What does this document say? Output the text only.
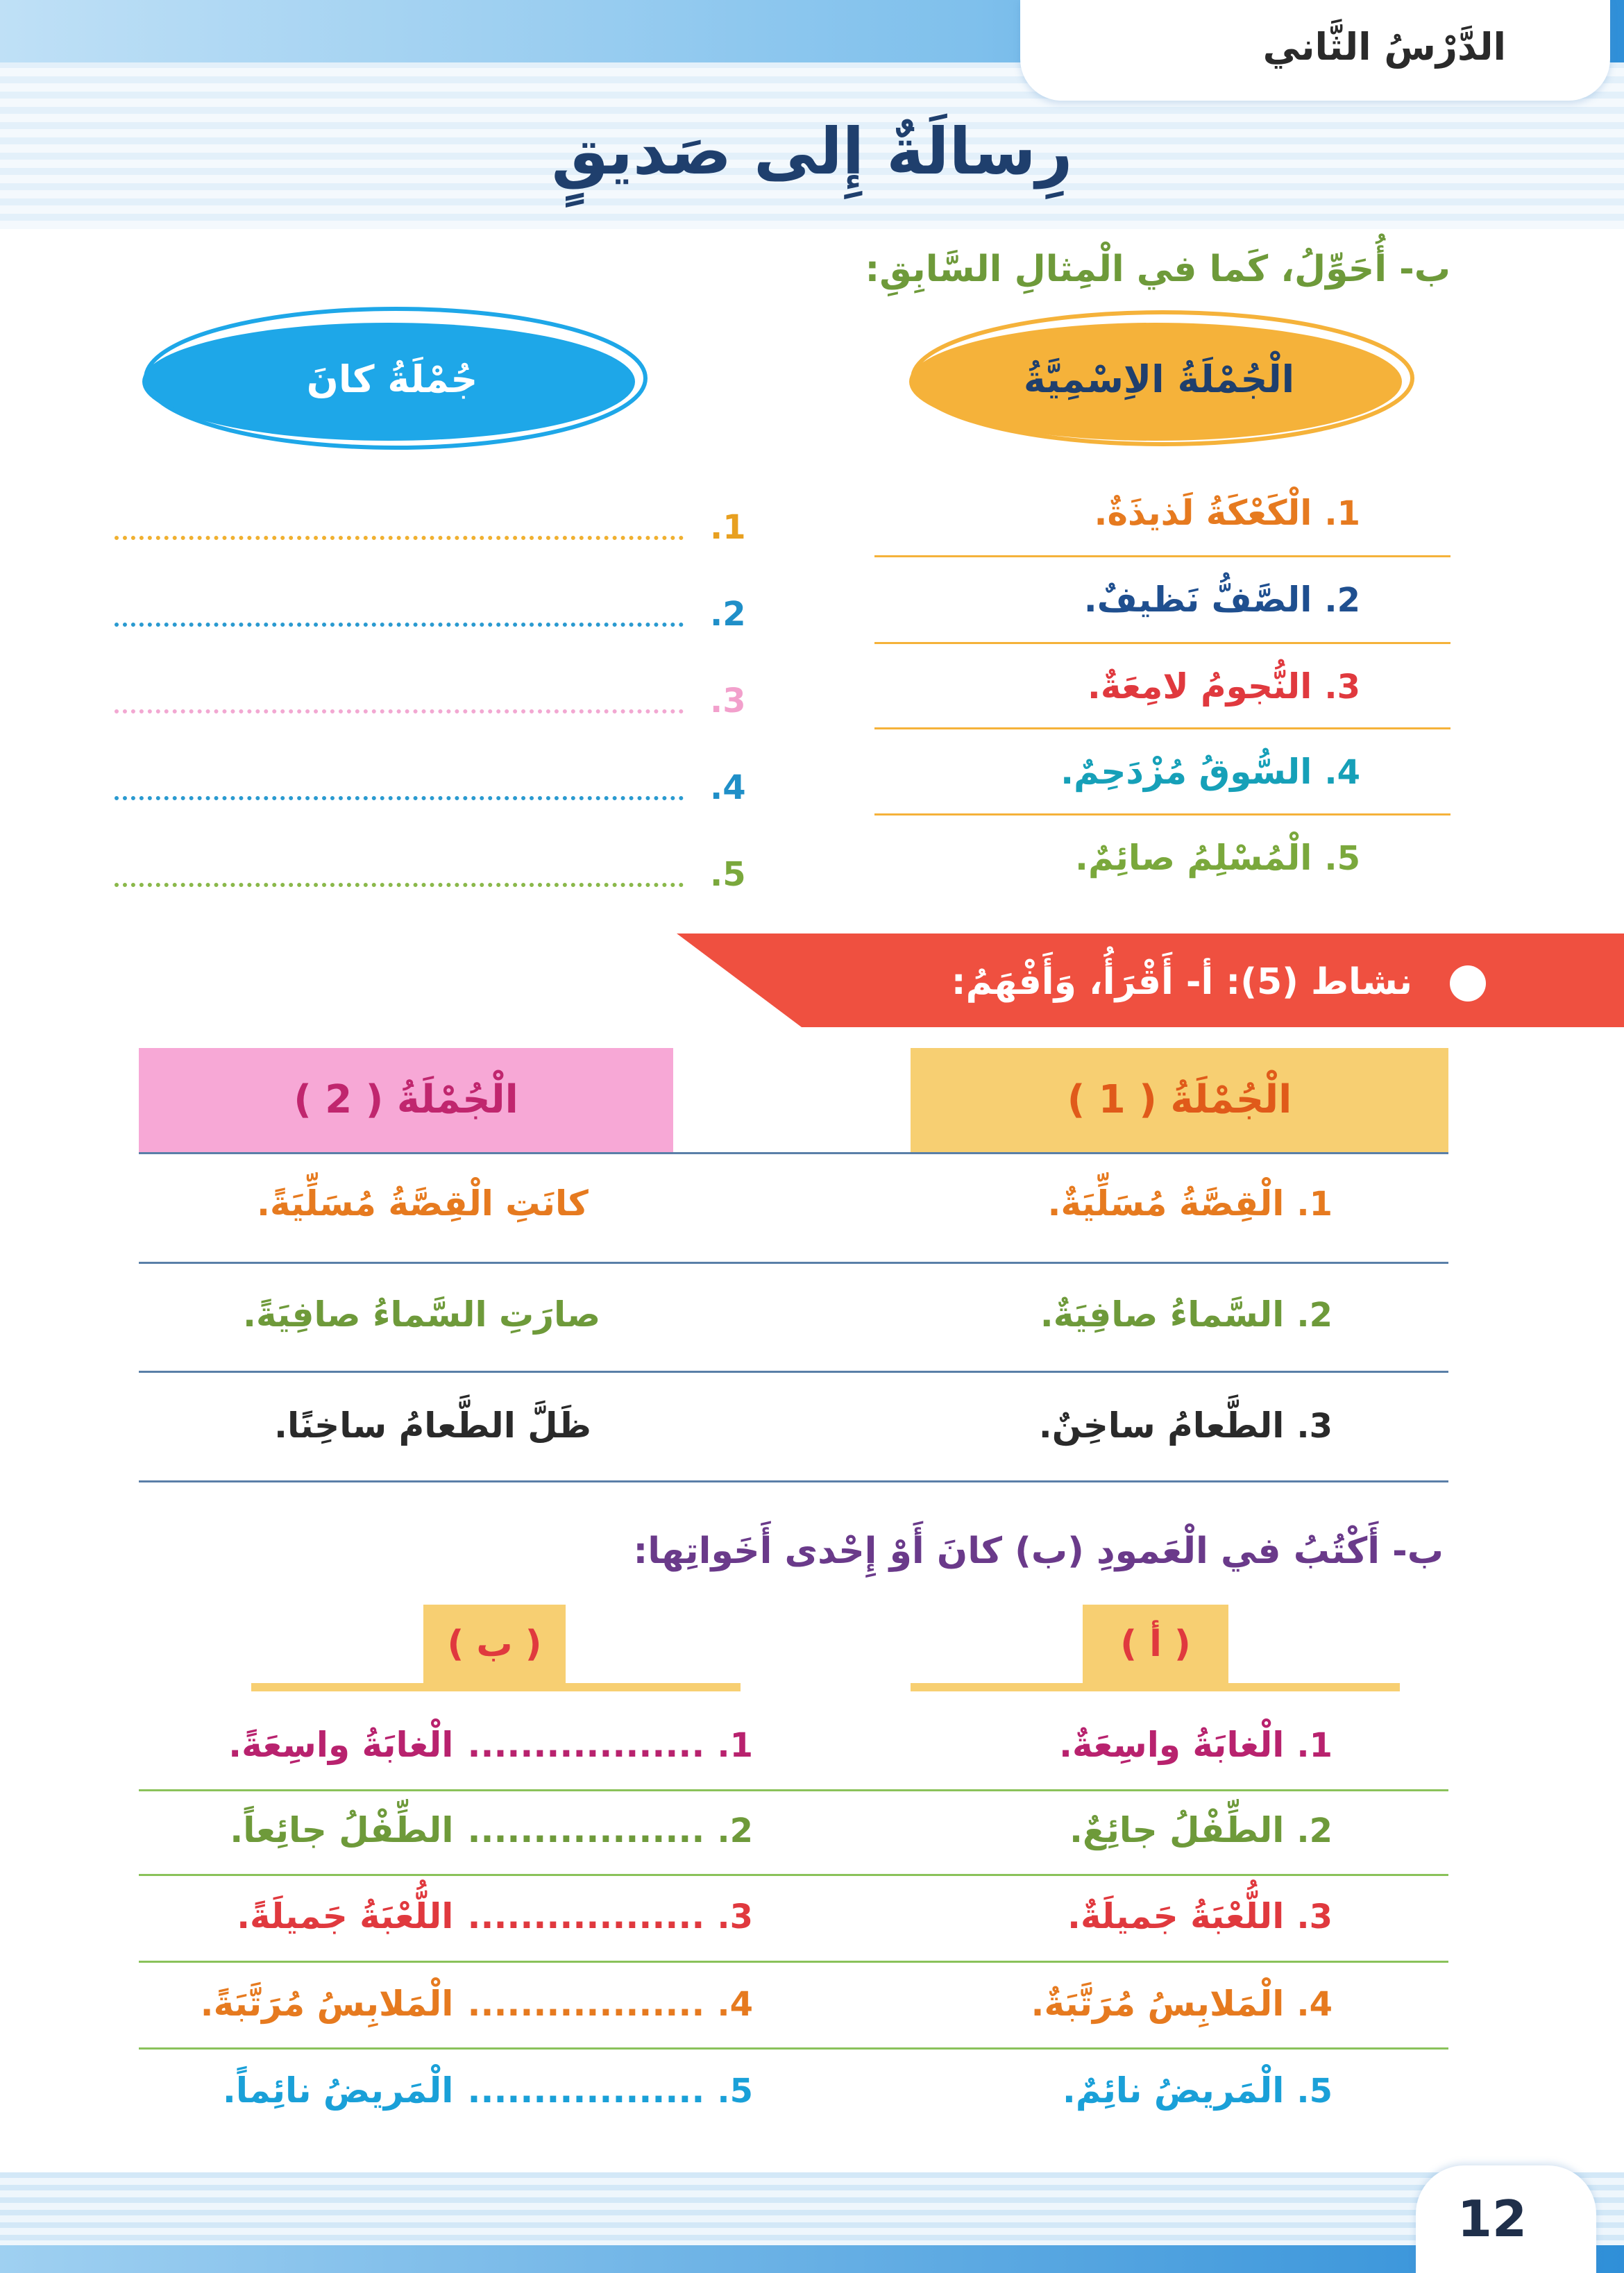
الدَّرْسُ الثَّاني
رِسالَةٌ إِلى صَديقٍ
ب- أُحَوِّلُ، كَما في الْمِثالِ السَّابِقِ:
الْجُمْلَةُ الاِسْمِيَّةُ
جُمْلَةُ كانَ
1.الْكَعْكَةُ لَذيذَةٌ.
2.الصَّفُّ نَظيفٌ.
3.النُّجومُ لامِعَةٌ.
4.السُّوقُ مُزْدَحِمٌ.
5.الْمُسْلِمُ صائِمٌ.
1.
2.
3.
4.
5.
نشاط (5): أ- أَقْرَأُ، وَأَفْهَمُ:
الْجُمْلَةُ ( 1 )
الْجُمْلَةُ ( 2 )
1.الْقِصَّةُ مُسَلِّيَةٌ.
كانَتِ الْقِصَّةُ مُسَلِّيَةً.
2.السَّماءُ صافِيَةٌ.
صارَتِ السَّماءُ صافِيَةً.
3.الطَّعامُ ساخِنٌ.
ظَلَّ الطَّعامُ ساخِنًا.
ب- أَكْتُبُ في الْعَمودِ (ب) كانَ أَوْ إِحْدى أَخَواتِها:
( أ )
( ب )
1.الْغابَةُ واسِعَةٌ.
1...................الْغابَةُ واسِعَةً.
2.الطِّفْلُ جائِعٌ.
2...................الطِّفْلُ جائِعاً.
3.اللُّعْبَةُ جَميلَةٌ.
3...................اللُّعْبَةُ جَميلَةً.
4.الْمَلابِسُ مُرَتَّبَةٌ.
4...................الْمَلابِسُ مُرَتَّبَةً.
5.الْمَريضُ نائِمٌ.
5...................الْمَريضُ نائِماً.
12
